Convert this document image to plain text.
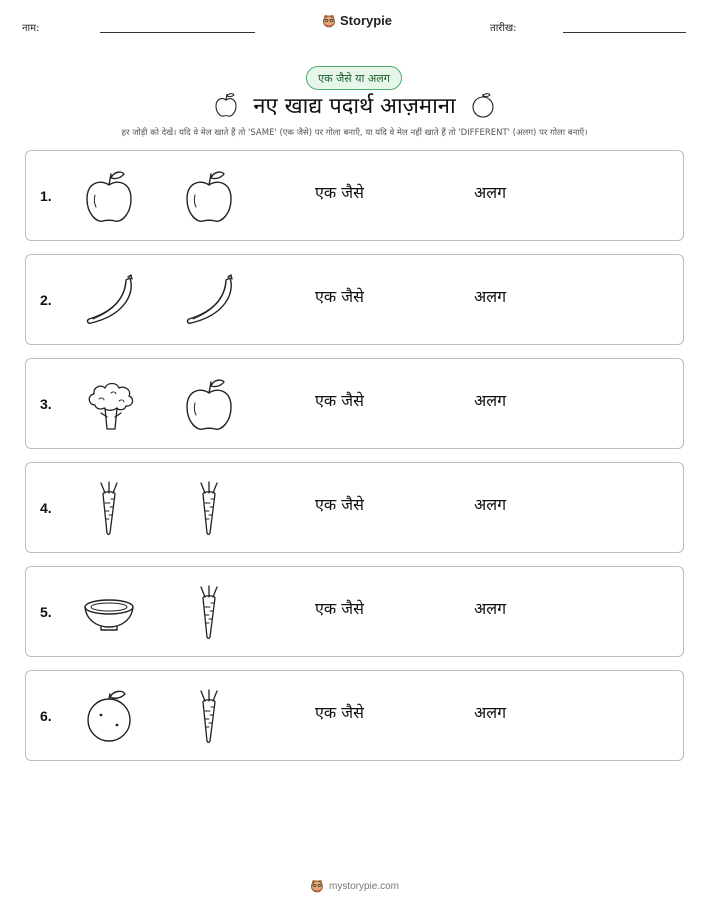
नाम:
Storypie
तारीख:
एक जैसे या अलग
नए खाद्य पदार्थ आज़माना
हर जोड़ी को देखें। यदि वे मेल खाते हैं तो 'SAME' (एक जैसे) पर गोला बनाएँ, या यदि वे मेल नहीं खाते हैं तो 'DIFFERENT' (अलग) पर गोला बनाएँ।
1.	एक जैसे	अलग
2.	एक जैसे	अलग
3.	एक जैसे	अलग
4.	एक जैसे	अलग
5.	एक जैसे	अलग
6.	एक जैसे	अलग
mystorypie.com
